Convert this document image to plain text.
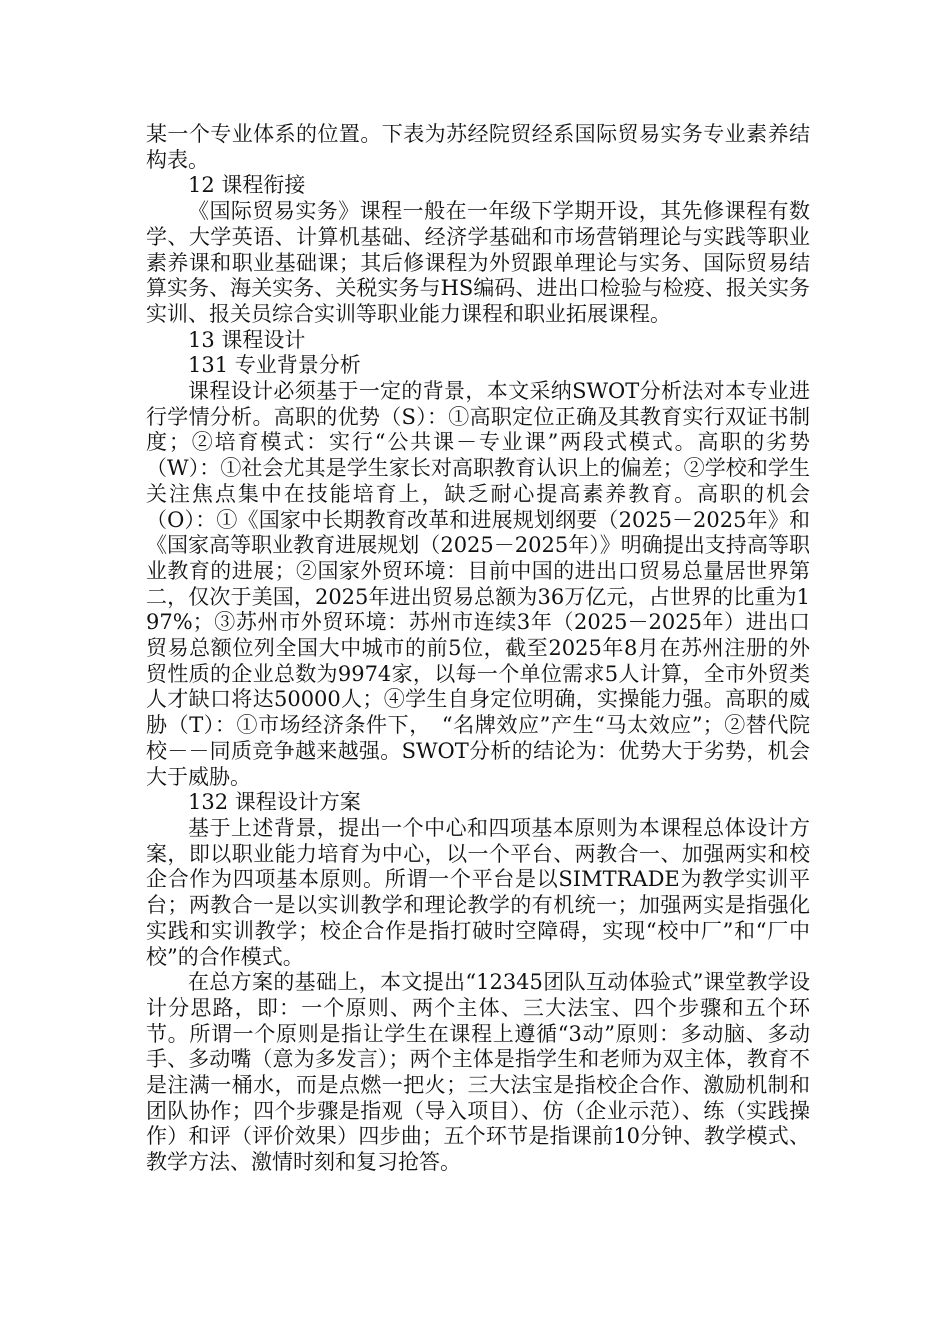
某一个专业体系的位置。下表为苏经院贸经系国际贸易实务专业素养结构表。

12 课程衔接

《国际贸易实务》课程一般在一年级下学期开设，其先修课程有数学、大学英语、计算机基础、经济学基础和市场营销理论与实践等职业素养课和职业基础课；其后修课程为外贸跟单理论与实务、国际贸易结算实务、海关实务、关税实务与HS编码、进出口检验与检疫、报关实务实训、报关员综合实训等职业能力课程和职业拓展课程。

13 课程设计

131 专业背景分析

课程设计必须基于一定的背景，本文采纳SWOT分析法对本专业进行学情分析。高职的优势（S）：①高职定位正确及其教育实行双证书制度；②培育模式：实行“公共课－专业课”两段式模式。高职的劣势（W）：①社会尤其是学生家长对高职教育认识上的偏差；②学校和学生关注焦点集中在技能培育上，缺乏耐心提高素养教育。高职的机会（O）：①《国家中长期教育改革和进展规划纲要（2025－2025年》和《国家高等职业教育进展规划（2025－2025年）》明确提出支持高等职业教育的进展；②国家外贸环境：目前中国的进出口贸易总量居世界第二，仅次于美国，2025年进出贸易总额为36万亿元，占世界的比重为197%；③苏州市外贸环境：苏州市连续3年（2025－2025年）进出口贸易总额位列全国大中城市的前5位，截至2025年8月在苏州注册的外贸性质的企业总数为9974家，以每一个单位需求5人计算，全市外贸类人才缺口将达50000人；④学生自身定位明确，实操能力强。高职的威胁（T）：①市场经济条件下，　“名牌效应”产生“马太效应”；②替代院校－－同质竞争越来越强。SWOT分析的结论为：优势大于劣势，机会大于威胁。

132 课程设计方案

基于上述背景，提出一个中心和四项基本原则为本课程总体设计方案，即以职业能力培育为中心，以一个平台、两教合一、加强两实和校企合作为四项基本原则。所谓一个平台是以SIMTRADE为教学实训平台；两教合一是以实训教学和理论教学的有机统一；加强两实是指强化实践和实训教学；校企合作是指打破时空障碍，实现“校中厂”和“厂中校”的合作模式。

在总方案的基础上，本文提出“12345团队互动体验式”课堂教学设计分思路，即：一个原则、两个主体、三大法宝、四个步骤和五个环节。所谓一个原则是指让学生在课程上遵循“3动”原则：多动脑、多动手、多动嘴（意为多发言）；两个主体是指学生和老师为双主体，教育不是注满一桶水，而是点燃一把火；三大法宝是指校企合作、激励机制和团队协作；四个步骤是指观（导入项目）、仿（企业示范）、练（实践操作）和评（评价效果）四步曲；五个环节是指课前10分钟、教学模式、教学方法、激情时刻和复习抢答。
